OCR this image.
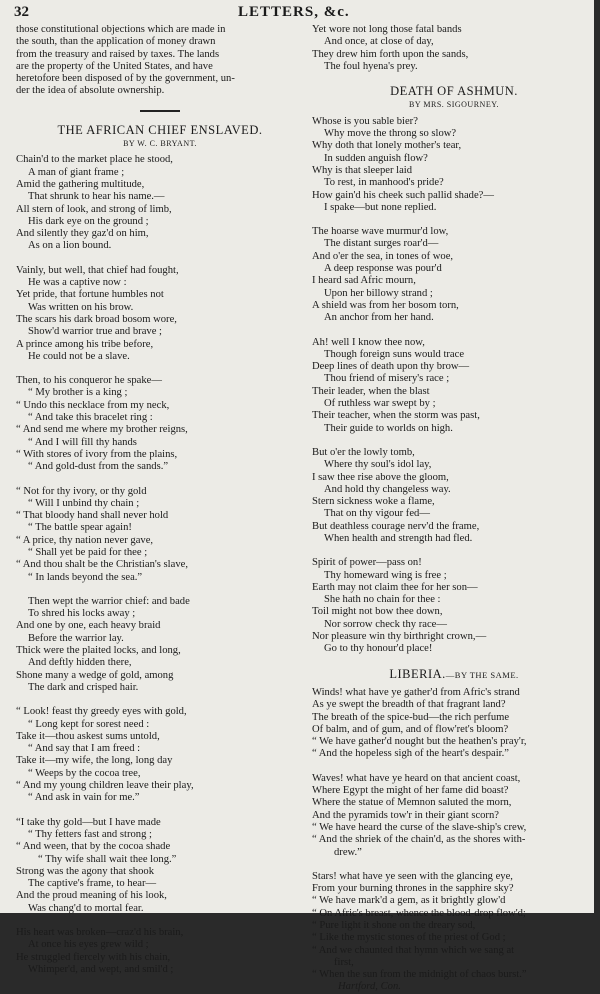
32	LETTERS, &c.
those constitutional objections which are made in
the south, than the application of money drawn
from the treasury and raised by taxes. The lands
are the property of the United States, and have
heretofore been disposed of by the government, un-
der the idea of absolute ownership.
THE AFRICAN CHIEF ENSLAVED.
BY W. C. BRYANT.
Chain'd to the market place he stood,
A man of giant frame ;
Amid the gathering multitude,
That shrunk to hear his name.—
All stern of look, and strong of limb,
His dark eye on the ground ;
And silently they gaz'd on him,
As on a lion bound.
Vainly, but well, that chief had fought,
He was a captive now :
Yet pride, that fortune humbles not
Was written on his brow.
The scars his dark broad bosom wore,
Show'd warrior true and brave ;
A prince among his tribe before,
He could not be a slave.
Then, to his conqueror he spake—
“ My brother is a king ;
“ Undo this necklace from my neck,
“ And take this bracelet ring :
“ And send me where my brother reigns,
“ And I will fill thy hands
“ With stores of ivory from the plains,
“ And gold-dust from the sands.”
“ Not for thy ivory, or thy gold
“ Will I unbind thy chain ;
“ That bloody hand shall never hold
“ The battle spear again!
“ A price, thy nation never gave,
“ Shall yet be paid for thee ;
“ And thou shalt be the Christian's slave,
“ In lands beyond the sea.”
Then wept the warrior chief: and bade
To shred his locks away ;
And one by one, each heavy braid
Before the warrior lay.
Thick were the plaited locks, and long,
And deftly hidden there,
Shone many a wedge of gold, among
The dark and crisped hair.
“ Look! feast thy greedy eyes with gold,
“ Long kept for sorest need :
Take it—thou askest sums untold,
“ And say that I am freed :
Take it—my wife, the long, long day
“ Weeps by the cocoa tree,
“ And my young children leave their play,
“ And ask in vain for me.”
“I take thy gold—but I have made
“ Thy fetters fast and strong ;
“ And ween, that by the cocoa shade
“ Thy wife shall wait thee long.”
Strong was the agony that shook
The captive's frame, to hear—
And the proud meaning of his look,
Was chang'd to mortal fear.
His heart was broken—craz'd his brain,
At once his eyes grew wild ;
He struggled fiercely with his chain,
Whimper'd, and wept, and smil'd ;
Yet wore not long those fatal bands
And once, at close of day,
They drew him forth upon the sands,
The foul hyena's prey.
DEATH OF ASHMUN.
BY MRS. SIGOURNEY.
Whose is you sable bier?
Why move the throng so slow?
Why doth that lonely mother's tear,
In sudden anguish flow?
Why is that sleeper laid
To rest, in manhood's pride?
How gain'd his cheek such pallid shade?—
I spake—but none replied.
The hoarse wave murmur'd low,
The distant surges roar'd—
And o'er the sea, in tones of woe,
A deep response was pour'd
I heard sad Afric mourn,
Upon her billowy strand ;
A shield was from her bosom torn,
An anchor from her hand.
Ah! well I know thee now,
Though foreign suns would trace
Deep lines of death upon thy brow—
Thou friend of misery's race ;
Their leader, when the blast
Of ruthless war swept by ;
Their teacher, when the storm was past,
Their guide to worlds on high.
But o'er the lowly tomb,
Where thy soul's idol lay,
I saw thee rise above the gloom,
And hold thy changeless way.
Stern sickness woke a flame,
That on thy vigour fed—
But deathless courage nerv'd the frame,
When health and strength had fled.
Spirit of power—pass on!
Thy homeward wing is free ;
Earth may not claim thee for her son—
She hath no chain for thee :
Toil might not bow thee down,
Nor sorrow check thy race—
Nor pleasure win thy birthright crown,—
Go to thy honour'd place!
LIBERIA.—BY THE SAME.
Winds! what have ye gather'd from Afric's strand
As ye swept the breadth of that fragrant land?
The breath of the spice-bud—the rich perfume
Of balm, and of gum, and of flow'ret's bloom?
“ We have gather'd nought but the heathen's pray'r,
“ And the hopeless sigh of the heart's despair.”
Waves! what have ye heard on that ancient coast,
Where Egypt the might of her fame did boast?
Where the statue of Memnon saluted the morn,
And the pyramids tow'r in their giant scorn?
“ We have heard the curse of the slave-ship's crew,
“ And the shriek of the chain'd, as the shores with-
drew.”
Stars! what have ye seen with the glancing eye,
From your burning thrones in the sapphire sky?
“ We have mark'd a gem, as it brightly glow'd
“ On Afric's breast, whence the blood-drop flow'd;
“ Pure light it shone on the dreary sod,
“ Like the mystic stones of the priest of God ;
“ And we chaunted that hymn which we sang at
first,
“ When the sun from the midnight of chaos burst.”
Hartford, Con.
